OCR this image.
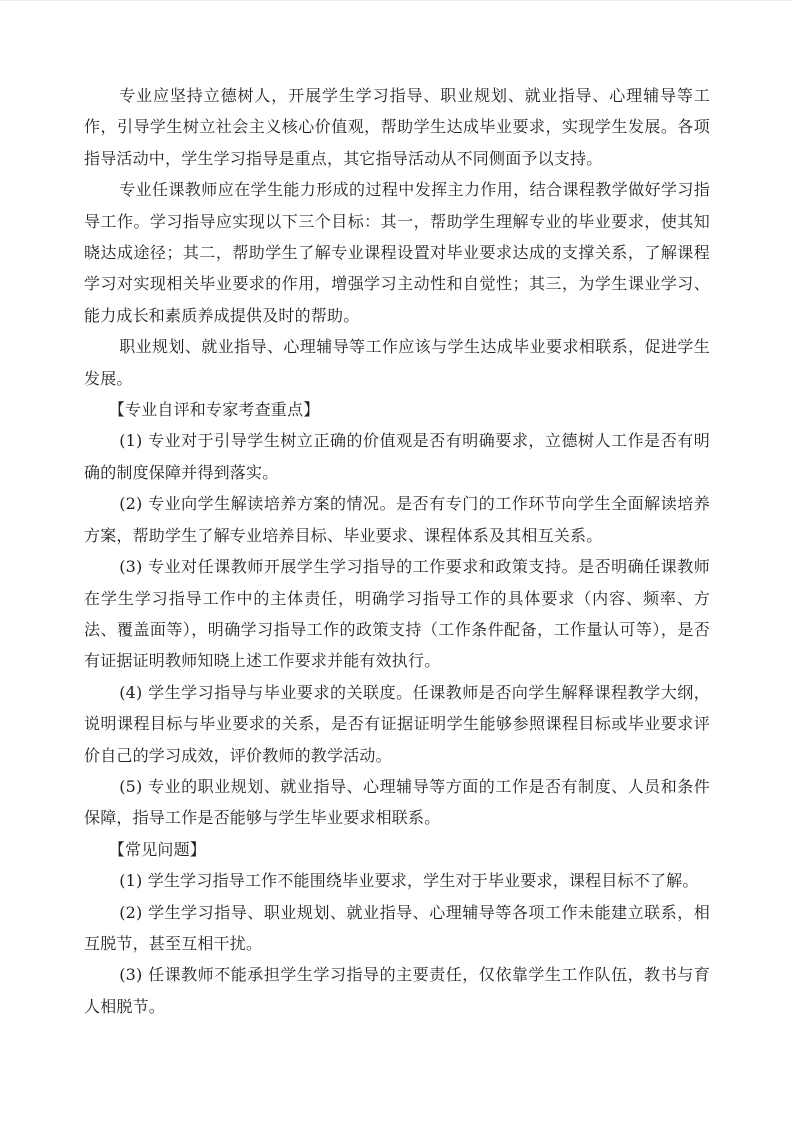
专业应坚持立德树人，开展学生学习指导、职业规划、就业指导、心理辅导等工作，引导学生树立社会主义核心价值观，帮助学生达成毕业要求，实现学生发展。各项指导活动中，学生学习指导是重点，其它指导活动从不同侧面予以支持。

专业任课教师应在学生能力形成的过程中发挥主力作用，结合课程教学做好学习指导工作。学习指导应实现以下三个目标：其一，帮助学生理解专业的毕业要求，使其知晓达成途径；其二，帮助学生了解专业课程设置对毕业要求达成的支撑关系，了解课程学习对实现相关毕业要求的作用，增强学习主动性和自觉性；其三，为学生课业学习、能力成长和素质养成提供及时的帮助。

职业规划、就业指导、心理辅导等工作应该与学生达成毕业要求相联系，促进学生发展。

【专业自评和专家考查重点】

(1) 专业对于引导学生树立正确的价值观是否有明确要求，立德树人工作是否有明确的制度保障并得到落实。

(2) 专业向学生解读培养方案的情况。是否有专门的工作环节向学生全面解读培养方案，帮助学生了解专业培养目标、毕业要求、课程体系及其相互关系。

(3) 专业对任课教师开展学生学习指导的工作要求和政策支持。是否明确任课教师在学生学习指导工作中的主体责任，明确学习指导工作的具体要求（内容、频率、方法、覆盖面等），明确学习指导工作的政策支持（工作条件配备，工作量认可等），是否有证据证明教师知晓上述工作要求并能有效执行。

(4) 学生学习指导与毕业要求的关联度。任课教师是否向学生解释课程教学大纲，说明课程目标与毕业要求的关系，是否有证据证明学生能够参照课程目标或毕业要求评价自己的学习成效，评价教师的教学活动。

(5) 专业的职业规划、就业指导、心理辅导等方面的工作是否有制度、人员和条件保障，指导工作是否能够与学生毕业要求相联系。

【常见问题】

(1) 学生学习指导工作不能围绕毕业要求，学生对于毕业要求，课程目标不了解。

(2) 学生学习指导、职业规划、就业指导、心理辅导等各项工作未能建立联系，相互脱节，甚至互相干扰。

(3) 任课教师不能承担学生学习指导的主要责任，仅依靠学生工作队伍，教书与育人相脱节。
